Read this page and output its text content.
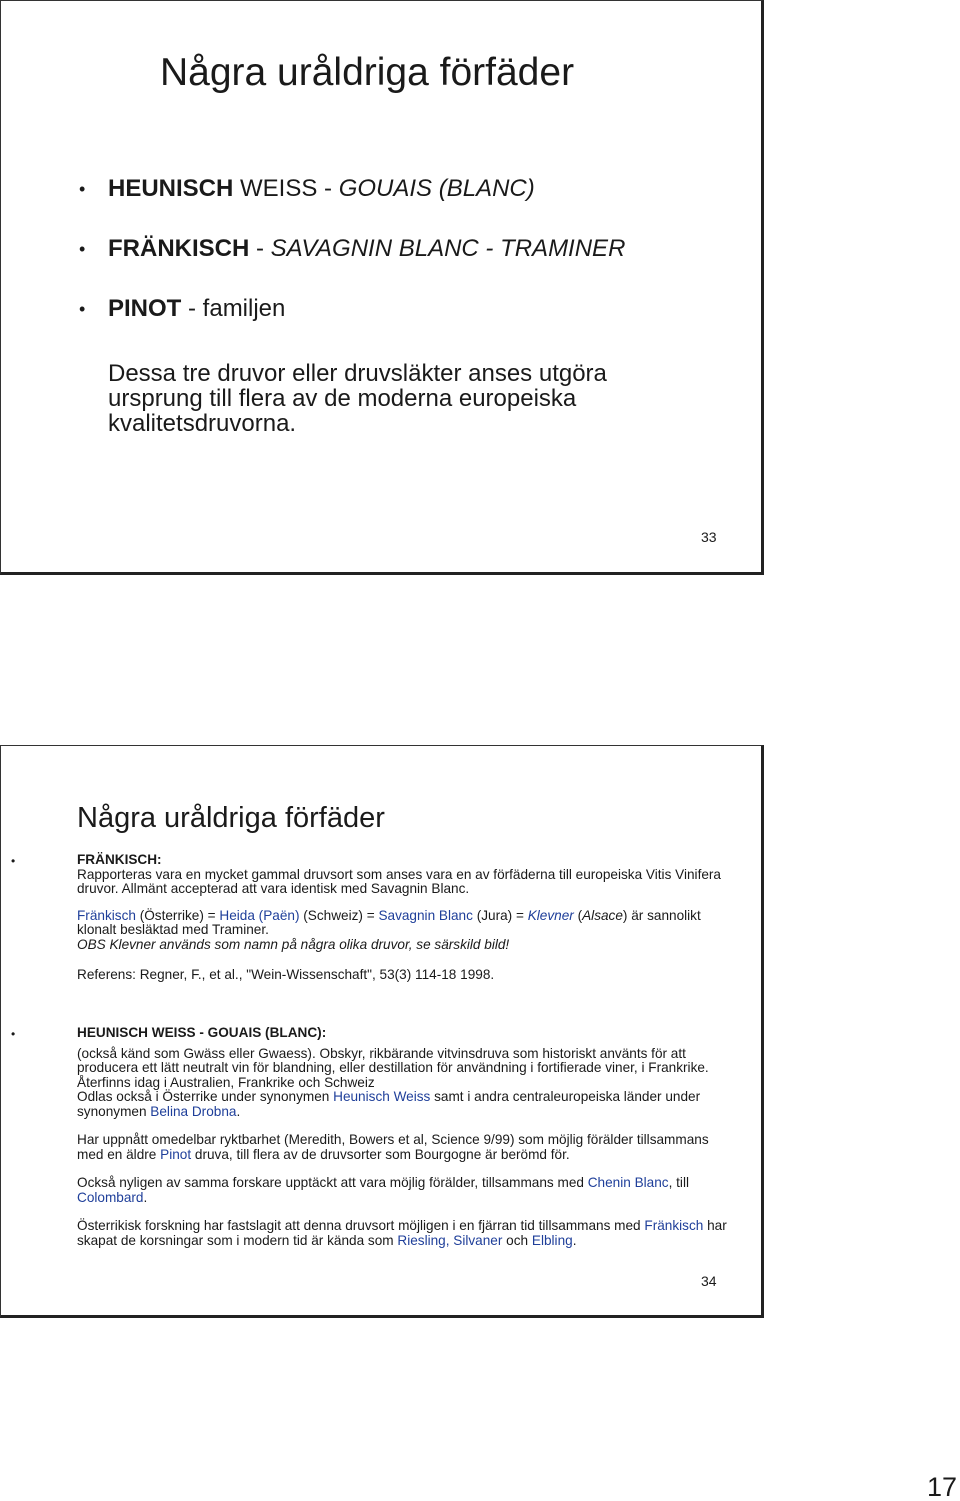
Några uråldriga förfäder
• HEUNISCH WEISS - GOUAIS (BLANC)
• FRÄNKISCH - SAVAGNIN BLANC - TRAMINER
• PINOT - familjen
Dessa tre druvor eller druvsläkter anses utgöra ursprung till flera av de moderna europeiska kvalitetsdruvorna.
33
Några uråldriga förfäder
•	FRÄNKISCH:

Rapporteras vara en mycket gammal druvsort som anses vara en av förfäderna till europeiska Vitis Vinifera druvor. Allmänt accepterad att vara identisk med Savagnin Blanc.

Fränkisch (Österrike) = Heida (Paën) (Schweiz) = Savagnin Blanc (Jura) = Klevner (Alsace) är sannolikt klonalt besläktad med Traminer.

OBS Klevner används som namn på några olika druvor, se särskild bild!

Referens: Regner, F., et al., "Wein-Wissenschaft", 53(3) 114-18 1998.

•	HEUNISCH WEISS - GOUAIS (BLANC):

(också känd som Gwäss eller Gwaess). Obskyr, rikbärande vitvinsdruva som historiskt använts för att producera ett lätt neutralt vin för blandning, eller destillation för användning i fortifierade viner, i Frankrike. Återfinns idag i Australien, Frankrike och Schweiz

Odlas också i Österrike under synonymen Heunisch Weiss samt i andra centraleuropeiska länder under synonymen Belina Drobna.

Har uppnått omedelbar ryktbarhet (Meredith, Bowers et al, Science 9/99) som möjlig förälder tillsammans med en äldre Pinot druva, till flera av de druvsorter som Bourgogne är berömd för.

Också nyligen av samma forskare upptäckt att vara möjlig förälder, tillsammans med Chenin Blanc, till Colombard.

Österrikisk forskning har fastslagit att denna druvsort möjligen i en fjärran tid tillsammans med Fränkisch har skapat de korsningar som i modern tid är kända som Riesling, Silvaner och Elbling.

34
17
